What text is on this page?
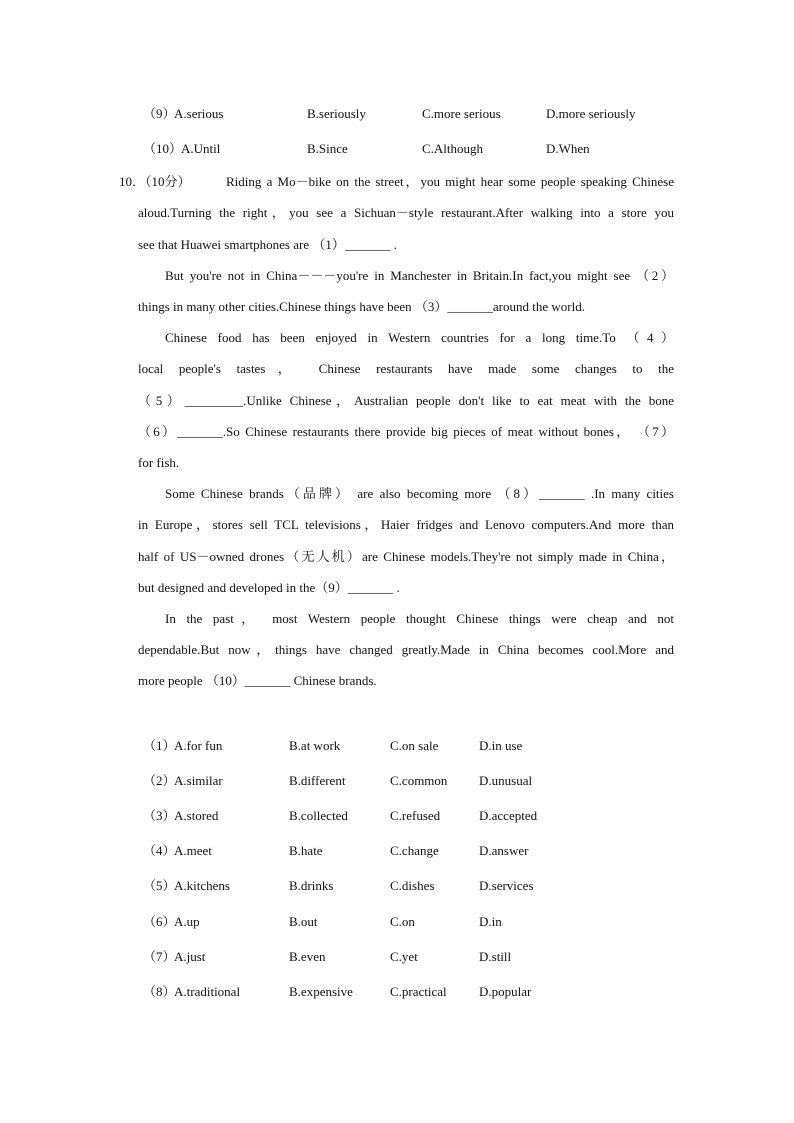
（9）
A.serious	B.seriously	C.more serious	D.more seriously
（10）
A.Until	B.Since	C.Although	D.When
10．（10分）	Riding a Mo－bike on the street，you might hear some people speaking Chinese
aloud.Turning the right，you see a Sichuan－style restaurant.After walking into a store you
see that Huawei smartphones are （1）_______ .
But you're not in China－－－you're in Manchester in Britain.In fact,you might see （2）
things in many other cities.Chinese things have been （3）_______around the world.
Chinese food has been enjoyed in Western countries for a long time.To （4）
local people's tastes， Chinese restaurants have made some changes to the
（5）_________.Unlike Chinese，Australian people don't like to eat meat with the bone
（6）_______.So Chinese restaurants there provide big pieces of meat without bones， （7）
for fish.
Some Chinese brands（品牌） are also becoming more （8）_______ .In many cities
in Europe，stores sell TCL televisions，Haier fridges and Lenovo computers.And more than
half of US－owned drones（无人机）are Chinese models.They're not simply made in China，
but designed and developed in the（9）_______ .
In the past， most Western people thought Chinese things were cheap and not
dependable.But now，things have changed greatly.Made in China becomes cool.More and
more people （10）_______ Chinese brands.
（1）
A.for fun	B.at work	C.on sale	D.in use
（2）
A.similar	B.different	C.common D.unusual
（3）
A.stored	B.collected	C.refused	D.accepted
（4）
A.meet	B.hate	C.change	D.answer
（5）
A.kitchens	B.drinks	C.dishes	D.services
（6）
A.up	B.out	C.on	D.in
（7）
A.just	B.even	C.yet	D.still
（8）
A.traditional	B.expensive	C.practical D.popular
